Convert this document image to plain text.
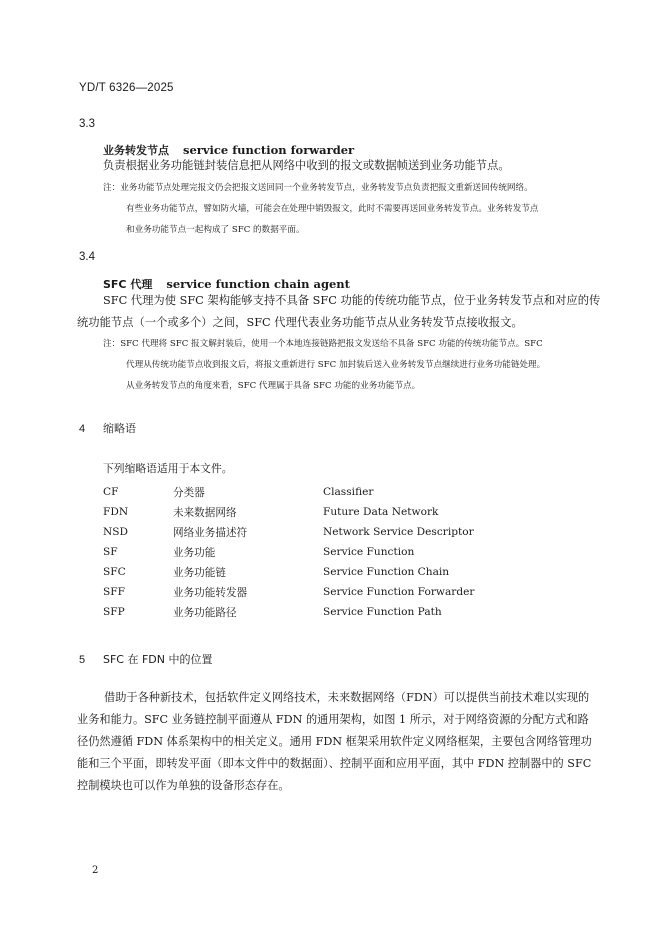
YD/T 6326—2025
3.3
业务转发节点 service function forwarder
负责根据业务功能链封装信息把从网络中收到的报文或数据帧送到业务功能节点。
注：业务功能节点处理完报文仍会把报文送回同一个业务转发节点，业务转发节点负责把报文重新送回传统网络。
有些业务功能节点，譬如防火墙，可能会在处理中销毁报文，此时不需要再送回业务转发节点。业务转发节点
和业务功能节点一起构成了 SFC 的数据平面。
3.4
SFC 代理 service function chain agent
SFC 代理为使 SFC 架构能够支持不具备 SFC 功能的传统功能节点，位于业务转发节点和对应的传
统功能节点（一个或多个）之间，SFC 代理代表业务功能节点从业务转发节点接收报文。
注：SFC 代理将 SFC 报文解封装后，使用一个本地连接链路把报文发送给不具备 SFC 功能的传统功能节点。SFC
代理从传统功能节点收到报文后，将报文重新进行 SFC 加封装后送入业务转发节点继续进行业务功能链处理。
从业务转发节点的角度来看，SFC 代理属于具备 SFC 功能的业务功能节点。
4 缩略语
下列缩略语适用于本文件。
CF	分类器	Classifier
FDN	未来数据网络	Future Data Network
NSD	网络业务描述符	Network Service Descriptor
SF	业务功能	Service Function
SFC	业务功能链	Service Function Chain
SFF	业务功能转发器	Service Function Forwarder
SFP	业务功能路径	Service Function Path
5 SFC 在 FDN 中的位置
借助于各种新技术，包括软件定义网络技术，未来数据网络（FDN）可以提供当前技术难以实现的
业务和能力。SFC 业务链控制平面遵从 FDN 的通用架构，如图 1 所示，对于网络资源的分配方式和路
径仍然遵循 FDN 体系架构中的相关定义。通用 FDN 框架采用软件定义网络框架，主要包含网络管理功
能和三个平面，即转发平面（即本文件中的数据面）、控制平面和应用平面，其中 FDN 控制器中的 SFC
控制模块也可以作为单独的设备形态存在。
2
